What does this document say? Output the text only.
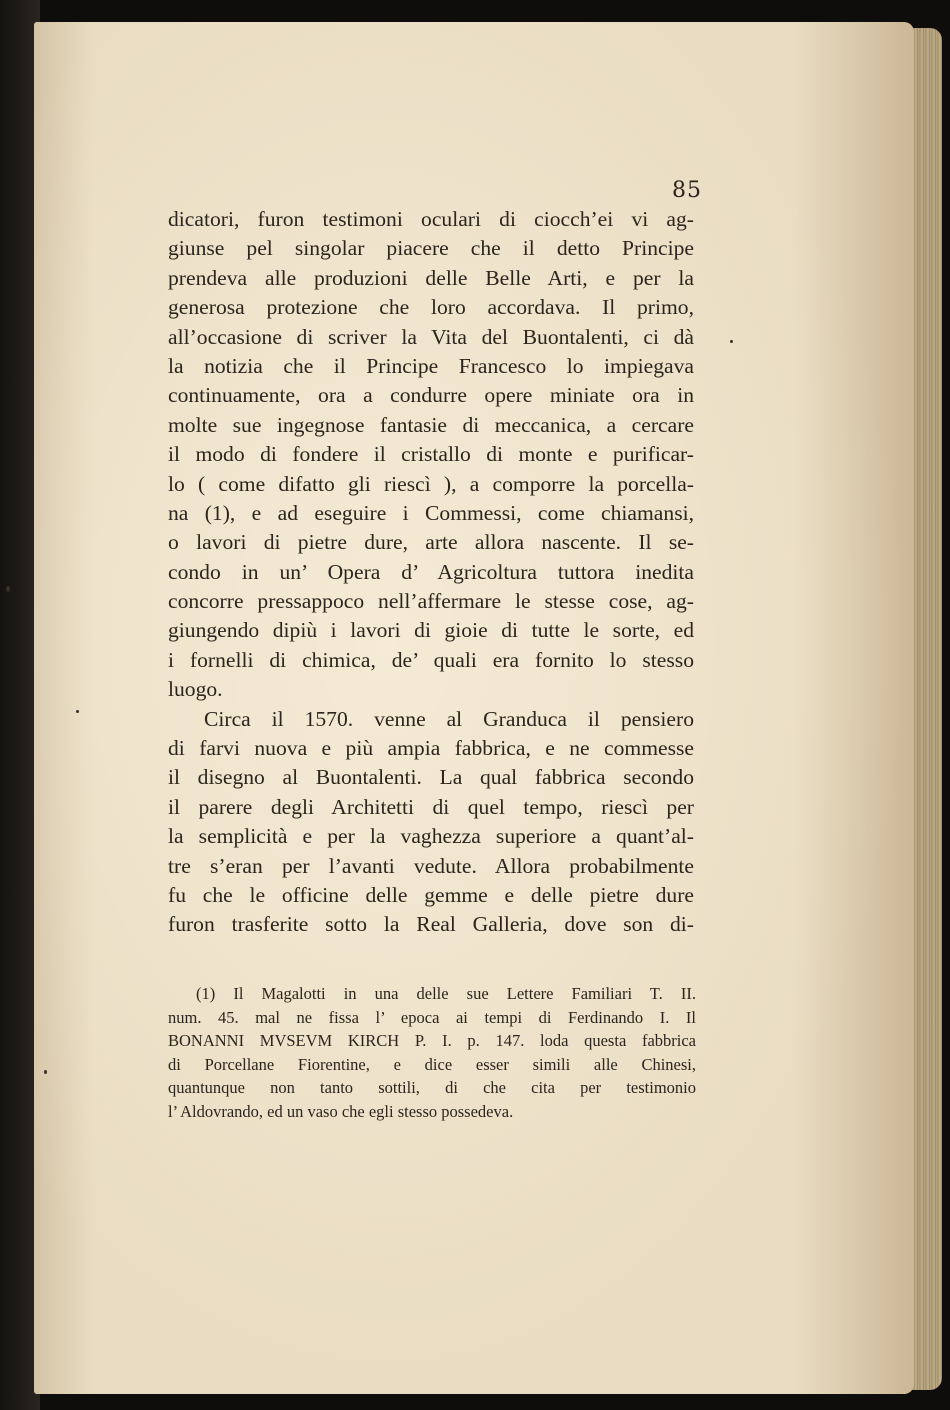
85
dicatori, furon testimoni oculari di ciocch’ei vi ag-
giunse pel singolar piacere che il detto Principe
prendeva alle produzioni delle Belle Arti, e per la
generosa protezione che loro accordava. Il primo,
all’occasione di scriver la Vita del Buontalenti, ci dà
la notizia che il Principe Francesco lo impiegava
continuamente, ora a condurre opere miniate ora in
molte sue ingegnose fantasie di meccanica, a cercare
il modo di fondere il cristallo di monte e purificar-
lo ( come difatto gli riescì ), a comporre la porcella-
na (1), e ad eseguire i Commessi, come chiamansi,
o lavori di pietre dure, arte allora nascente. Il se-
condo in un’ Opera d’ Agricoltura tuttora inedita
concorre pressappoco nell’affermare le stesse cose, ag-
giungendo dipiù i lavori di gioie di tutte le sorte, ed
i fornelli di chimica, de’ quali era fornito lo stesso
luogo.
Circa il 1570. venne al Granduca il pensiero
di farvi nuova e più ampia fabbrica, e ne commesse
il disegno al Buontalenti. La qual fabbrica secondo
il parere degli Architetti di quel tempo, riescì per
la semplicità e per la vaghezza superiore a quant’al-
tre s’eran per l’avanti vedute. Allora probabilmente
fu che le officine delle gemme e delle pietre dure
furon trasferite sotto la Real Galleria, dove son di-
(1) Il Magalotti in una delle sue Lettere Familiari T. II.
num. 45. mal ne fissa l’ epoca ai tempi di Ferdinando I. Il
BONANNI MVSEVM KIRCH P. I. p. 147. loda questa fabbrica
di Porcellane Fiorentine, e dice esser simili alle Chinesi,
quantunque non tanto sottili, di che cita per testimonio
l’ Aldovrando, ed un vaso che egli stesso possedeva.
